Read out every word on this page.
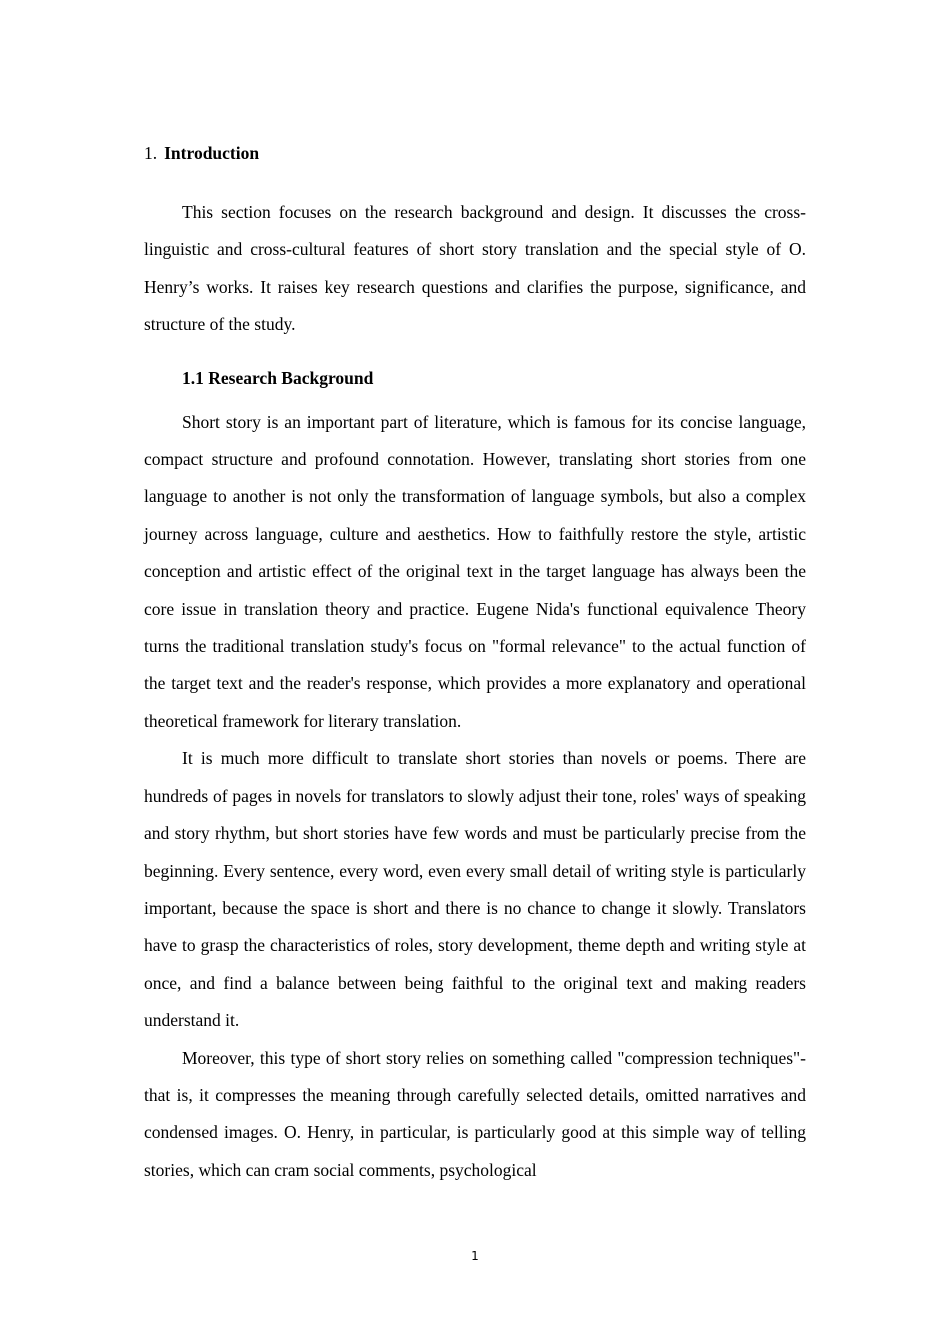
1. Introduction

This section focuses on the research background and design. It discusses the cross-linguistic and cross-cultural features of short story translation and the special style of O. Henry’s works. It raises key research questions and clarifies the purpose, significance, and structure of the study.

1.1 Research Background

Short story is an important part of literature, which is famous for its concise language, compact structure and profound connotation. However, translating short stories from one language to another is not only the transformation of language symbols, but also a complex journey across language, culture and aesthetics. How to faithfully restore the style, artistic conception and artistic effect of the original text in the target language has always been the core issue in translation theory and practice. Eugene Nida's functional equivalence Theory turns the traditional translation study's focus on "formal relevance" to the actual function of the target text and the reader's response, which provides a more explanatory and operational theoretical framework for literary translation.

It is much more difficult to translate short stories than novels or poems. There are hundreds of pages in novels for translators to slowly adjust their tone, roles' ways of speaking and story rhythm, but short stories have few words and must be particularly precise from the beginning. Every sentence, every word, even every small detail of writing style is particularly important, because the space is short and there is no chance to change it slowly. Translators have to grasp the characteristics of roles, story development, theme depth and writing style at once, and find a balance between being faithful to the original text and making readers understand it.

Moreover, this type of short story relies on something called "compression techniques"-that is, it compresses the meaning through carefully selected details, omitted narratives and condensed images. O. Henry, in particular, is particularly good at this simple way of telling stories, which can cram social comments, psychological

1
